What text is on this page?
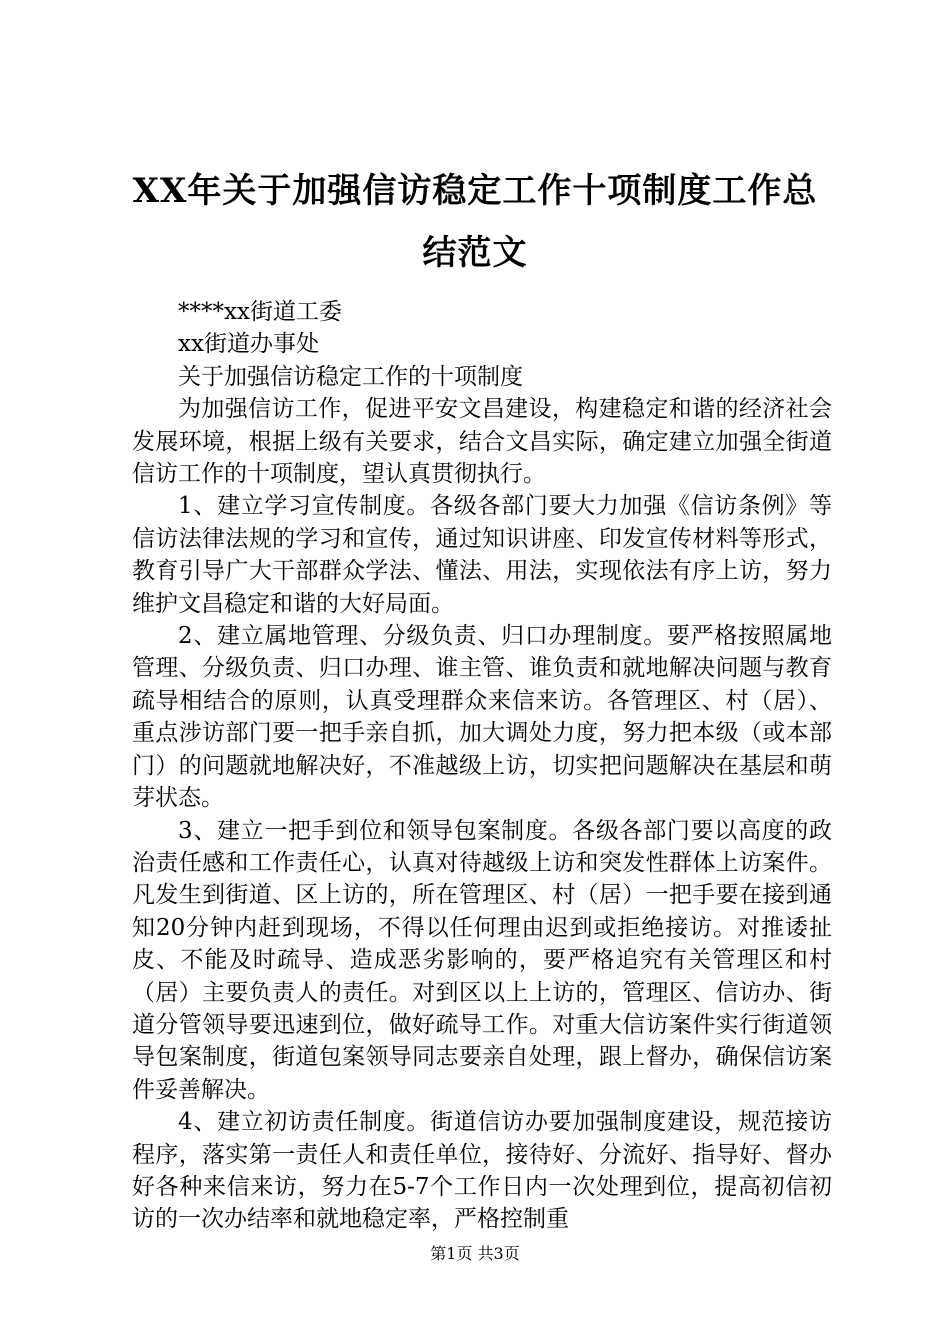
XX年关于加强信访稳定工作十项制度工作总结范文

****xx街道工委

xx街道办事处

关于加强信访稳定工作的十项制度

为加强信访工作，促进平安文昌建设，构建稳定和谐的经济社会发展环境，根据上级有关要求，结合文昌实际，确定建立加强全街道信访工作的十项制度，望认真贯彻执行。

1、建立学习宣传制度。各级各部门要大力加强《信访条例》等信访法律法规的学习和宣传，通过知识讲座、印发宣传材料等形式，教育引导广大干部群众学法、懂法、用法，实现依法有序上访，努力维护文昌稳定和谐的大好局面。

2、建立属地管理、分级负责、归口办理制度。要严格按照属地管理、分级负责、归口办理、谁主管、谁负责和就地解决问题与教育疏导相结合的原则，认真受理群众来信来访。各管理区、村（居）、重点涉访部门要一把手亲自抓，加大调处力度，努力把本级（或本部门）的问题就地解决好，不准越级上访，切实把问题解决在基层和萌芽状态。

3、建立一把手到位和领导包案制度。各级各部门要以高度的政治责任感和工作责任心，认真对待越级上访和突发性群体上访案件。凡发生到街道、区上访的，所在管理区、村（居）一把手要在接到通知20分钟内赶到现场，不得以任何理由迟到或拒绝接访。对推诿扯皮、不能及时疏导、造成恶劣影响的，要严格追究有关管理区和村（居）主要负责人的责任。对到区以上上访的，管理区、信访办、街道分管领导要迅速到位，做好疏导工作。对重大信访案件实行街道领导包案制度，街道包案领导同志要亲自处理，跟上督办，确保信访案件妥善解决。

4、建立初访责任制度。街道信访办要加强制度建设，规范接访程序，落实第一责任人和责任单位，接待好、分流好、指导好、督办好各种来信来访，努力在5-7个工作日内一次处理到位，提高初信初访的一次办结率和就地稳定率，严格控制重

第1页 共3页
